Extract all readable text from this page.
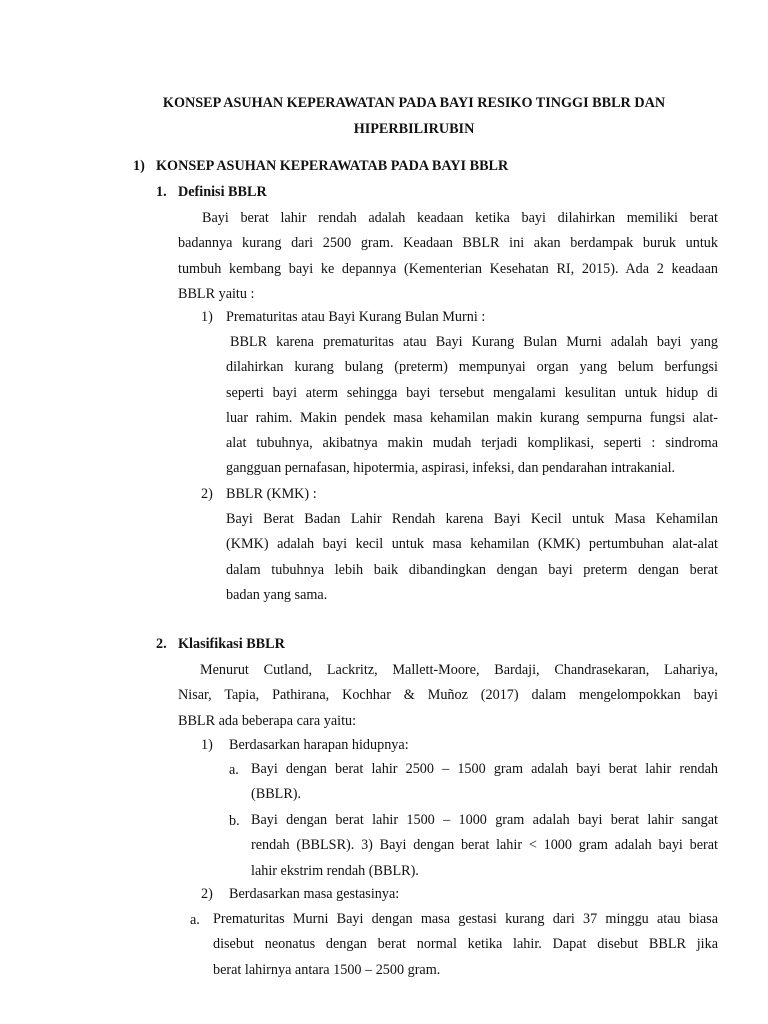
KONSEP ASUHAN KEPERAWATAN PADA BAYI RESIKO TINGGI BBLR DAN
HIPERBILIRUBIN
1) KONSEP ASUHAN KEPERAWATAB PADA BAYI BBLR
1. Definisi BBLR
Bayi berat lahir rendah adalah keadaan ketika bayi dilahirkan memiliki berat
badannya kurang dari 2500 gram. Keadaan BBLR ini akan berdampak buruk untuk
tumbuh kembang bayi ke depannya (Kementerian Kesehatan RI, 2015). Ada 2 keadaan
BBLR yaitu :
1) Prematuritas atau Bayi Kurang Bulan Murni :
BBLR karena prematuritas atau Bayi Kurang Bulan Murni adalah bayi yang
dilahirkan kurang bulang (preterm) mempunyai organ yang belum berfungsi
seperti bayi aterm sehingga bayi tersebut mengalami kesulitan untuk hidup di
luar rahim. Makin pendek masa kehamilan makin kurang sempurna fungsi alat-
alat tubuhnya, akibatnya makin mudah terjadi komplikasi, seperti : sindroma
gangguan pernafasan, hipotermia, aspirasi, infeksi, dan pendarahan intrakanial.
2) BBLR (KMK) :
Bayi Berat Badan Lahir Rendah karena Bayi Kecil untuk Masa Kehamilan
(KMK) adalah bayi kecil untuk masa kehamilan (KMK) pertumbuhan alat-alat
dalam tubuhnya lebih baik dibandingkan dengan bayi preterm dengan berat
badan yang sama.
2. Klasifikasi BBLR
Menurut Cutland, Lackritz, Mallett-Moore, Bardaji, Chandrasekaran, Lahariya,
Nisar, Tapia, Pathirana, Kochhar & Muñoz (2017) dalam mengelompokkan bayi
BBLR ada beberapa cara yaitu:
1) Berdasarkan harapan hidupnya:
a. Bayi dengan berat lahir 2500 – 1500 gram adalah bayi berat lahir rendah
(BBLR).
b. Bayi dengan berat lahir 1500 – 1000 gram adalah bayi berat lahir sangat
rendah (BBLSR). 3) Bayi dengan berat lahir < 1000 gram adalah bayi berat
lahir ekstrim rendah (BBLR).
2) Berdasarkan masa gestasinya:
a. Prematuritas Murni Bayi dengan masa gestasi kurang dari 37 minggu atau biasa
disebut neonatus dengan berat normal ketika lahir. Dapat disebut BBLR jika
berat lahirnya antara 1500 – 2500 gram.
